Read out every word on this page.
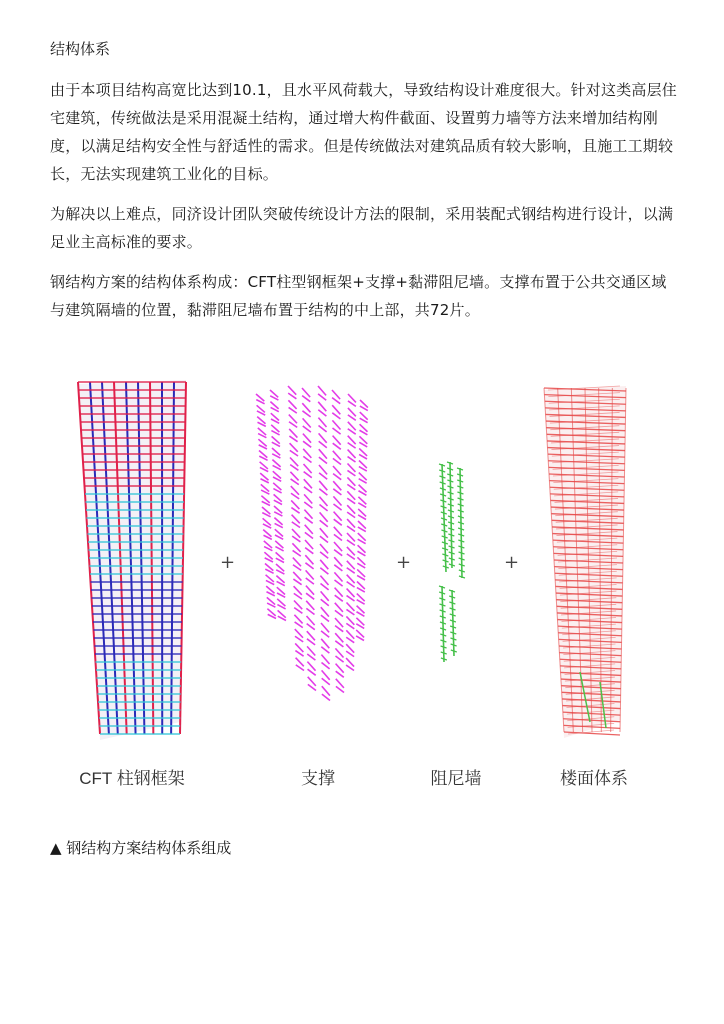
结构体系

由于本项目结构高宽比达到10.1，且水平风荷载大，导致结构设计难度很大。针对这类高层住宅建筑，传统做法是采用混凝土结构，通过增大构件截面、设置剪力墙等方法来增加结构刚度，以满足结构安全性与舒适性的需求。但是传统做法对建筑品质有较大影响，且施工工期较长，无法实现建筑工业化的目标。

为解决以上难点，同济设计团队突破传统设计方法的限制，采用装配式钢结构进行设计，以满足业主高标准的要求。

钢结构方案的结构体系构成：CFT柱型钢框架+支撑+黏滞阻尼墙。支撑布置于公共交通区域与建筑隔墙的位置，黏滞阻尼墙布置于结构的中上部，共72片。

+	+	+
CFT 柱钢框架	支撑	阻尼墙	楼面体系

▲ 钢结构方案结构体系组成
